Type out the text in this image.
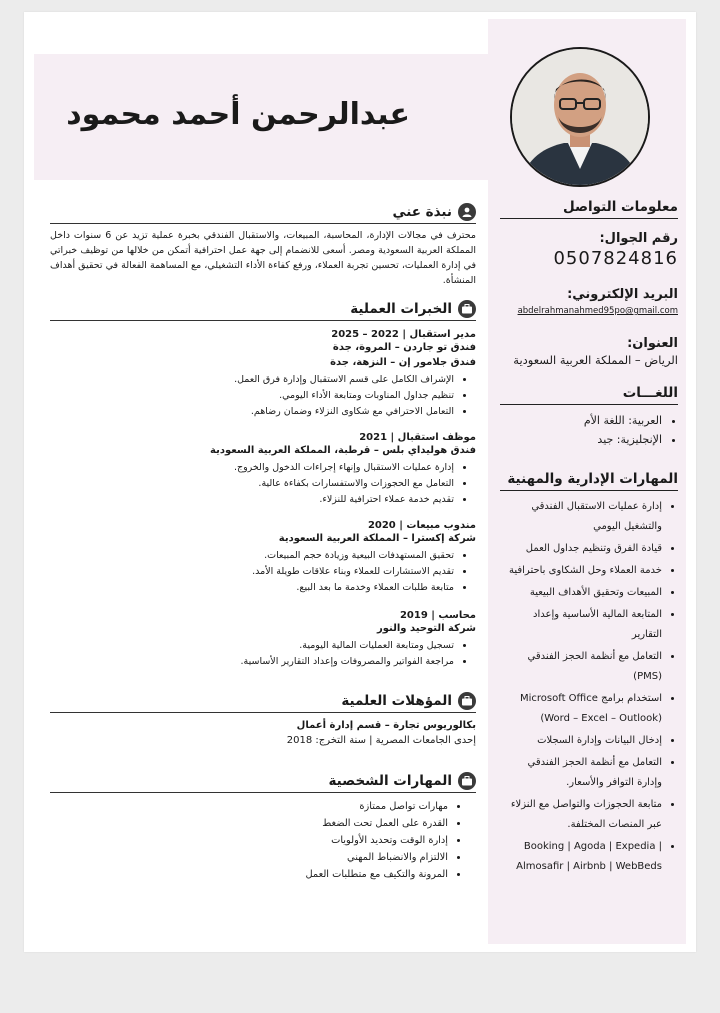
عبدالرحمن أحمد محمود
معلومات التواصل
رقم الجوال:
0507824816
البريد الإلكتروني:
abdelrahmanahmed95po@gmail.com
العنوان:
الرياض – المملكة العربية السعودية
اللغـــات
• العربية: اللغة الأم
• الإنجليزية: جيد
المهارات الإدارية والمهنية
• إدارة عمليات الاستقبال الفندقي والتشغيل اليومي
• قيادة الفرق وتنظيم جداول العمل
• خدمة العملاء وحل الشكاوى باحترافية
• المبيعات وتحقيق الأهداف البيعية
• المتابعة المالية الأساسية وإعداد التقارير
• التعامل مع أنظمة الحجز الفندقي (PMS)
• استخدام برامج Microsoft Office (Word – Excel – Outlook)
• إدخال البيانات وإدارة السجلات
• التعامل مع أنظمة الحجز الفندقي وإدارة التوافر والأسعار.
• متابعة الحجوزات والتواصل مع النزلاء عبر المنصات المختلفة.
• Booking | Agoda | Expedia | Almosafir | Airbnb | WebBeds
نبذة عني
محترف في مجالات الإدارة، المحاسبة، المبيعات، والاستقبال الفندقي بخبرة عملية تزيد عن 6 سنوات داخل المملكة العربية السعودية ومصر. أسعى للانضمام إلى جهة عمل احترافية أتمكن من خلالها من توظيف خبراتي في إدارة العمليات، تحسين تجربة العملاء، ورفع كفاءة الأداء التشغيلي، مع المساهمة الفعالة في تحقيق أهداف المنشأة.
الخبرات العملية
مدير استقبال | 2022 – 2025
فندق تو جاردن – المروة، جدة
فندق جلامور إن – النزهة، جدة
• الإشراف الكامل على قسم الاستقبال وإدارة فرق العمل.
• تنظيم جداول المناوبات ومتابعة الأداء اليومي.
• التعامل الاحترافي مع شكاوى النزلاء وضمان رضاهم.
موظف استقبال | 2021
فندق هوليداي بلس – قرطبة، المملكة العربية السعودية
• إدارة عمليات الاستقبال وإنهاء إجراءات الدخول والخروج.
• التعامل مع الحجوزات والاستفسارات بكفاءة عالية.
• تقديم خدمة عملاء احترافية للنزلاء.
مندوب مبيعات | 2020
شركة إكسترا – المملكة العربية السعودية
• تحقيق المستهدفات البيعية وزيادة حجم المبيعات.
• تقديم الاستشارات للعملاء وبناء علاقات طويلة الأمد.
• متابعة طلبات العملاء وخدمة ما بعد البيع.
محاسب | 2019
شركة التوحيد والنور
• تسجيل ومتابعة العمليات المالية اليومية.
• مراجعة الفواتير والمصروفات وإعداد التقارير الأساسية.
المؤهلات العلمية
بكالوريوس تجارة – قسم إدارة أعمال
إحدى الجامعات المصرية | سنة التخرج: 2018
المهارات الشخصية
• مهارات تواصل ممتازة
• القدرة على العمل تحت الضغط
• إدارة الوقت وتحديد الأولويات
• الالتزام والانضباط المهني
• المرونة والتكيف مع متطلبات العمل
